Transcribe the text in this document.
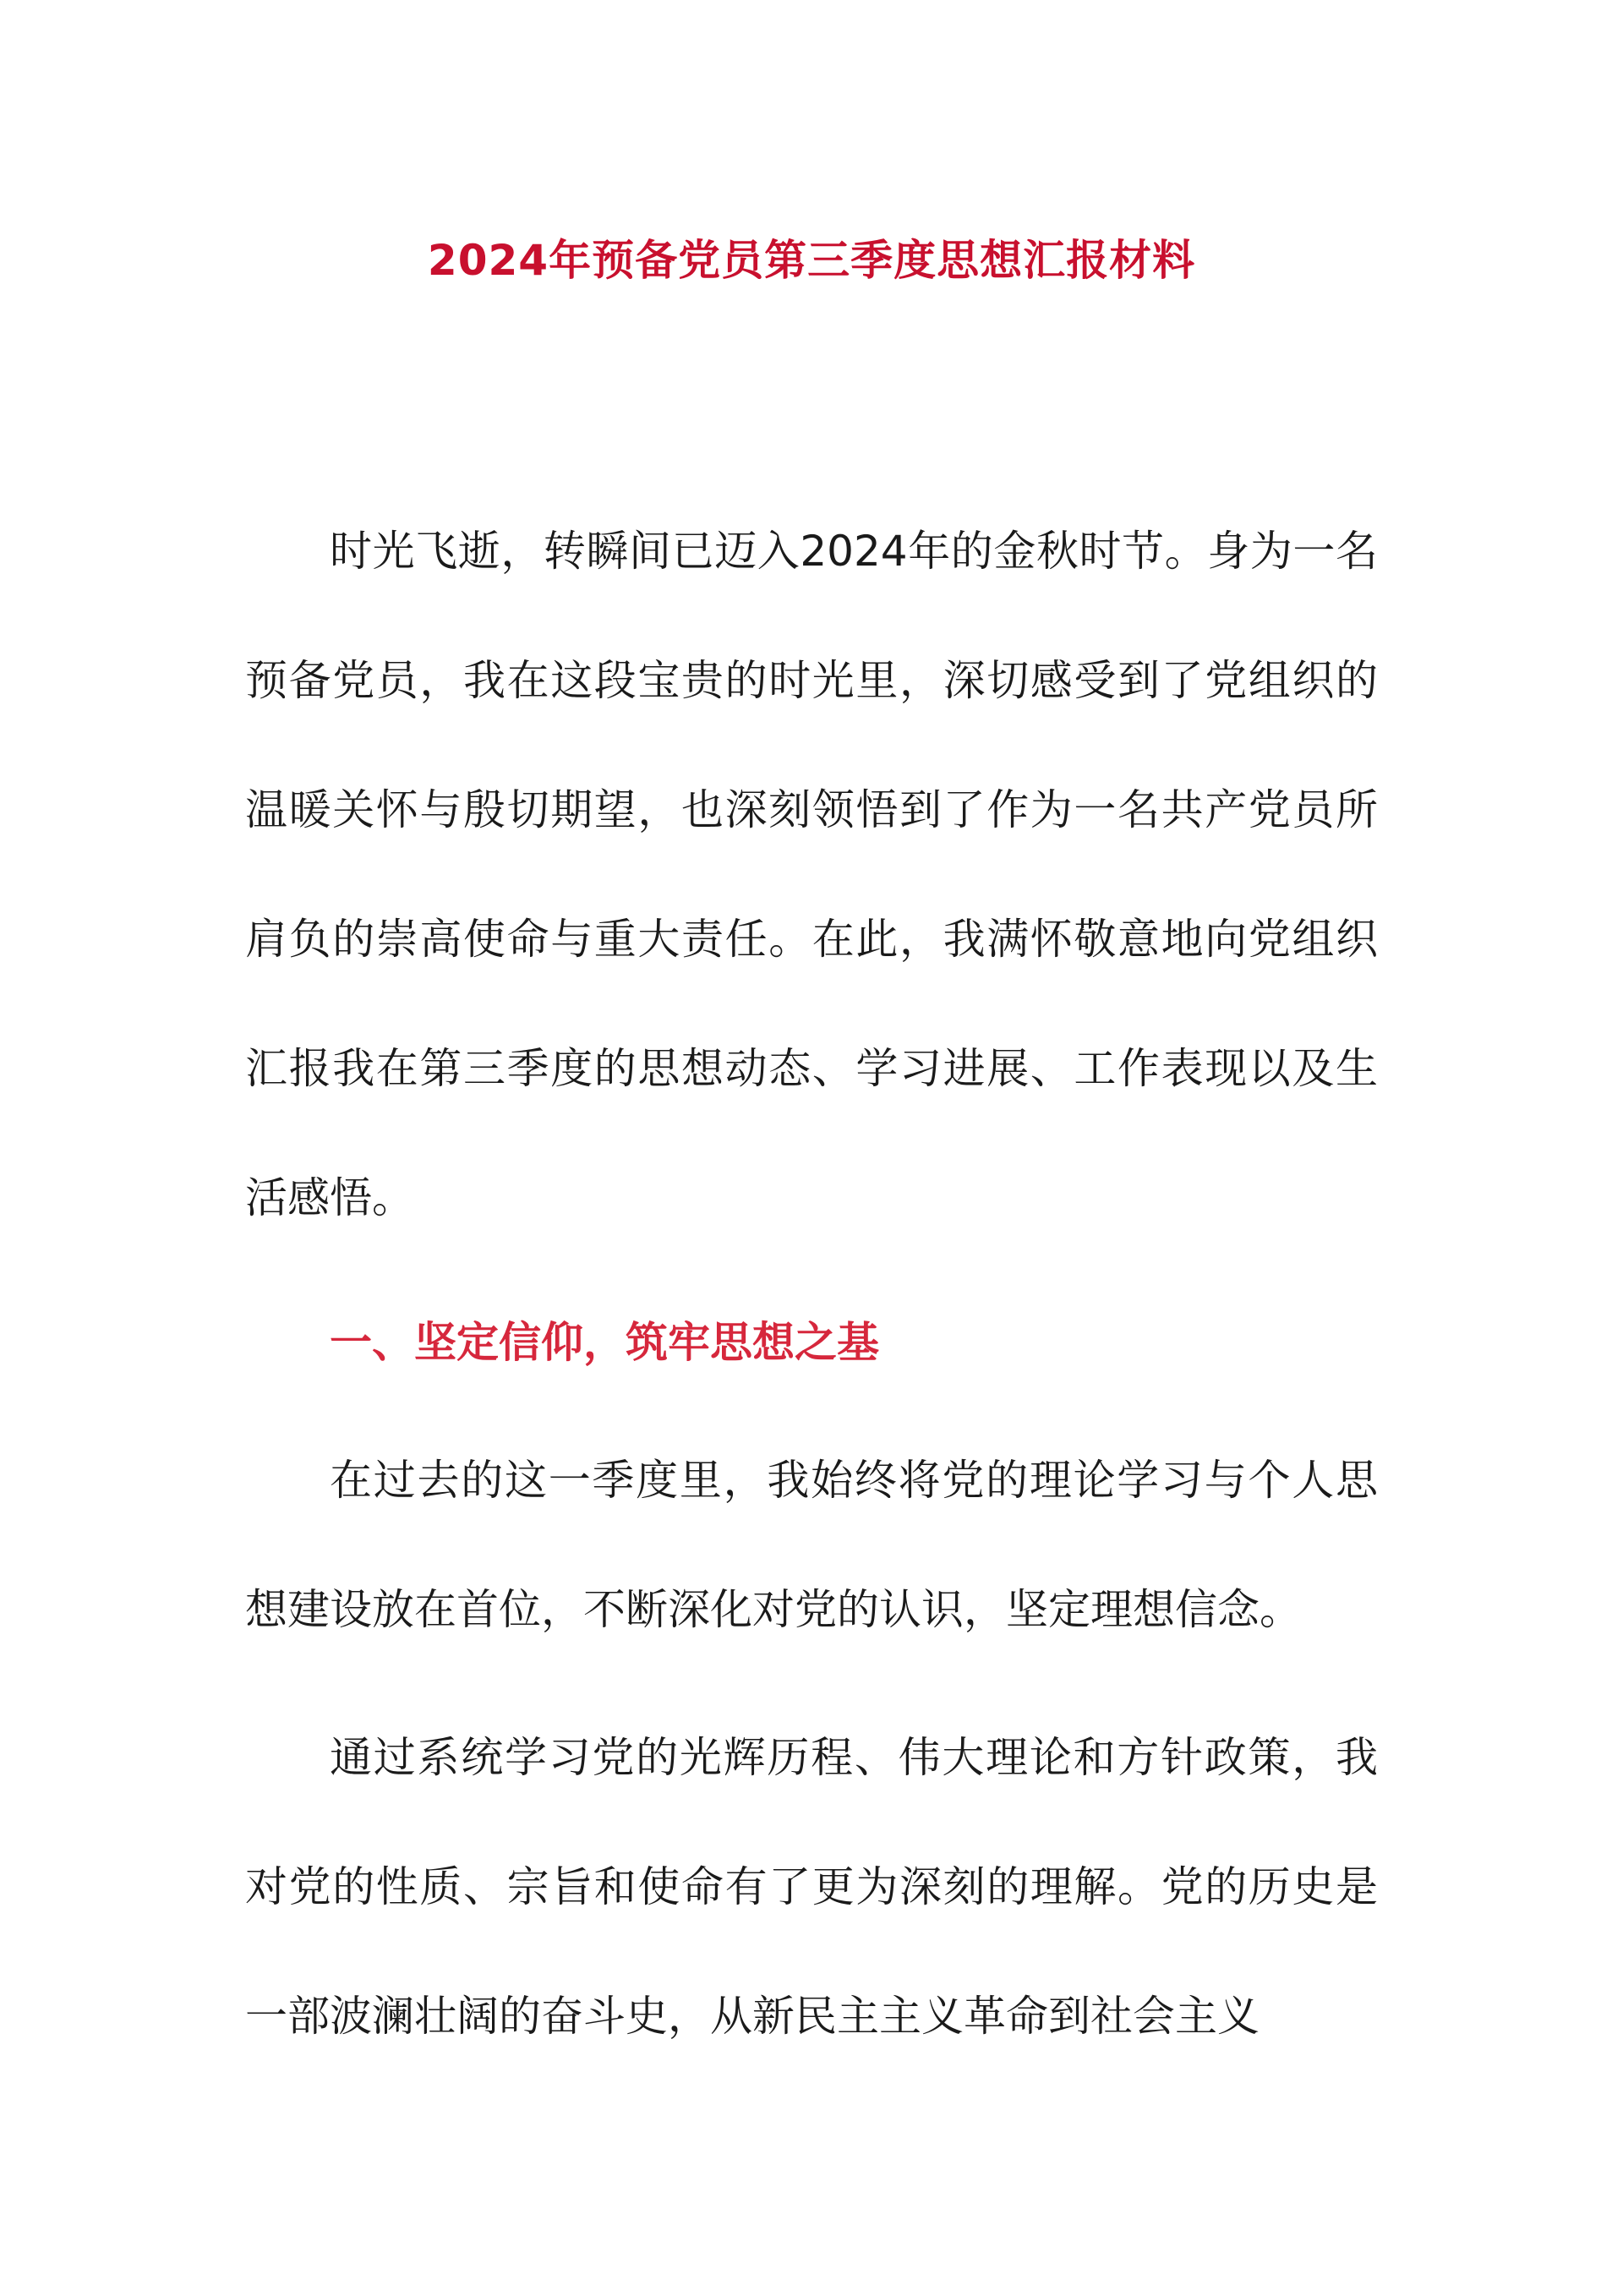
2024年预备党员第三季度思想汇报材料

时光飞逝，转瞬间已迈入2024年的金秋时节。身为一名预备党员，我在这段宝贵的时光里，深切感受到了党组织的温暖关怀与殷切期望，也深刻领悟到了作为一名共产党员所肩负的崇高使命与重大责任。在此，我满怀敬意地向党组织汇报我在第三季度的思想动态、学习进展、工作表现以及生活感悟。

一、坚定信仰，筑牢思想之基

在过去的这一季度里，我始终将党的理论学习与个人思想建设放在首位，不断深化对党的认识，坚定理想信念。

通过系统学习党的光辉历程、伟大理论和方针政策，我对党的性质、宗旨和使命有了更为深刻的理解。党的历史是一部波澜壮阔的奋斗史，从新民主主义革命到社会主义
